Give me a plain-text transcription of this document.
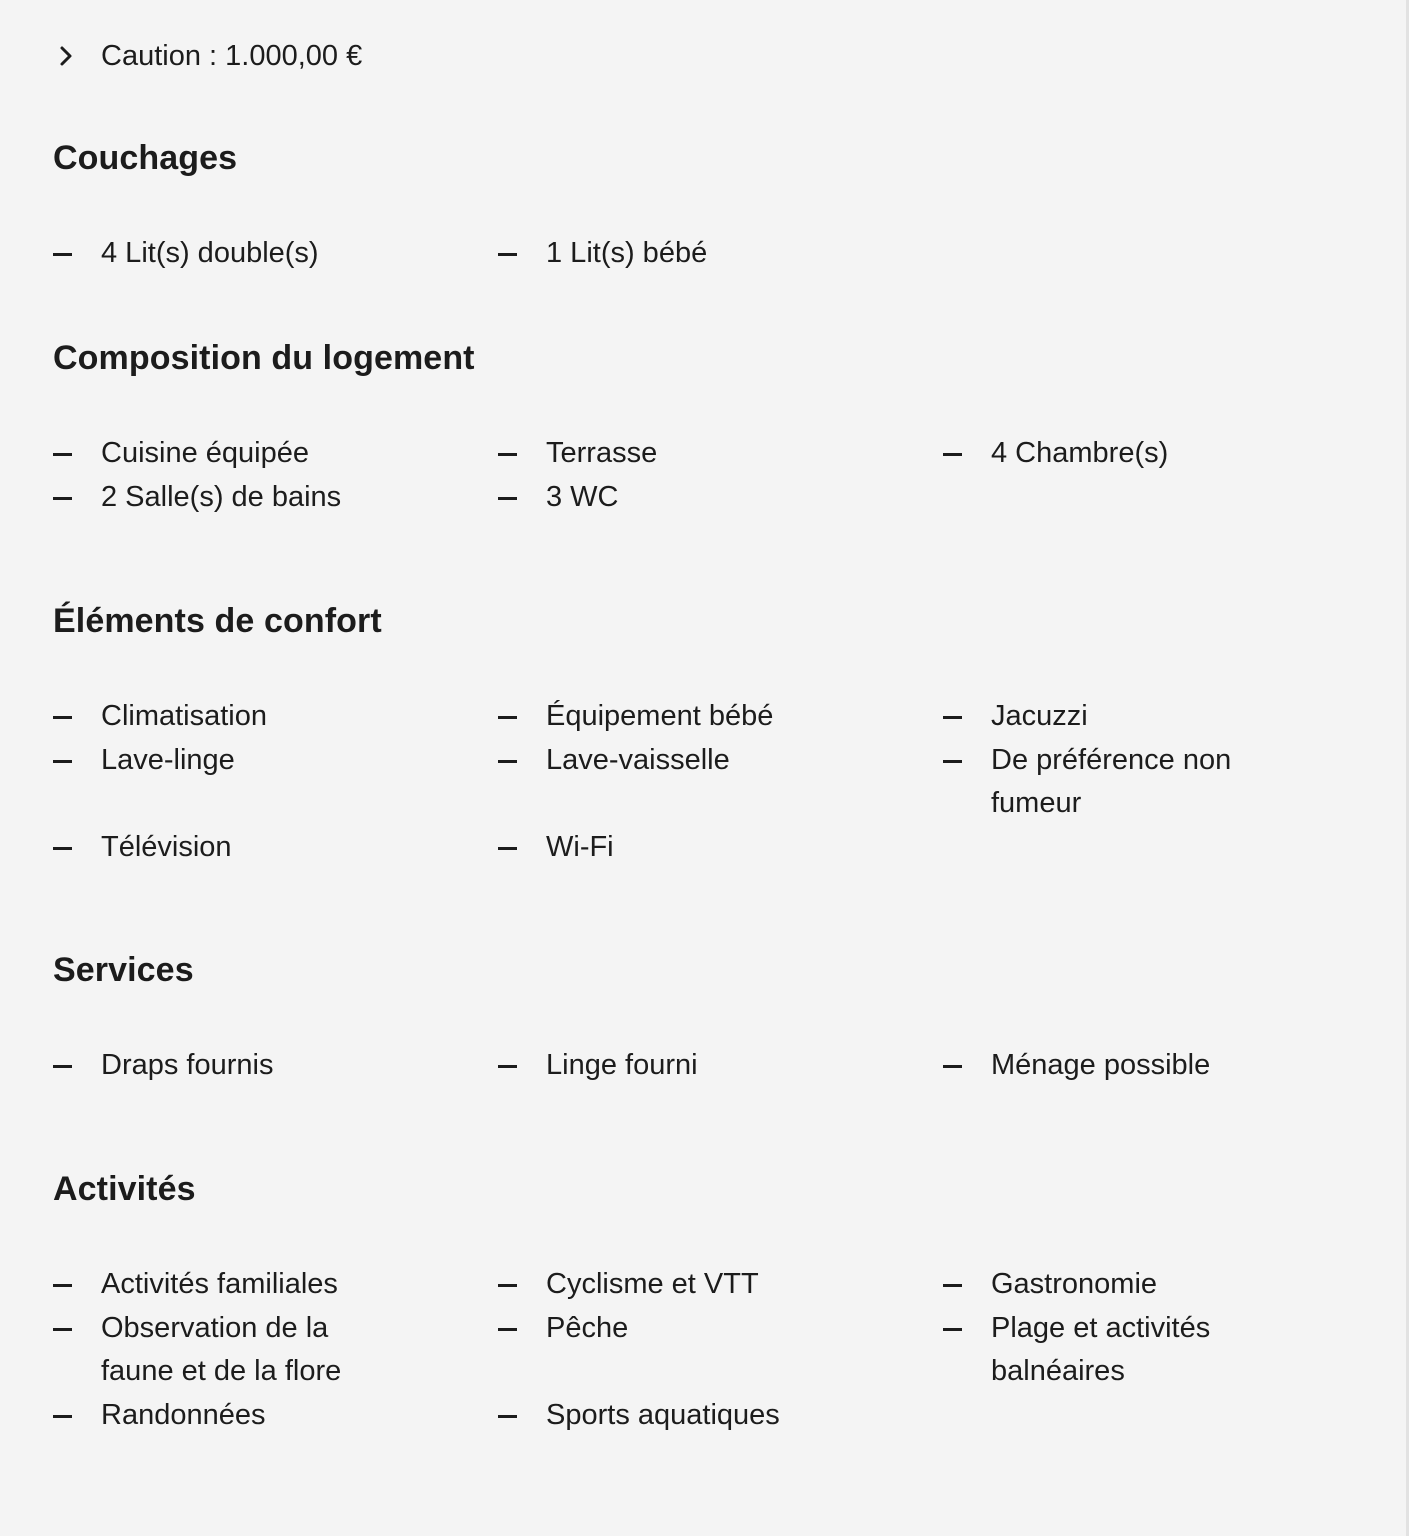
Caution : 1.000,00 €
Couchages
4 Lit(s) double(s)	1 Lit(s) bébé
Composition du logement
Cuisine équipée	Terrasse	4 Chambre(s)
2 Salle(s) de bains	3 WC
Éléments de confort
Climatisation	Équipement bébé	Jacuzzi
Lave-linge	Lave-vaisselle	De préférence non fumeur
Télévision	Wi-Fi
Services
Draps fournis	Linge fourni	Ménage possible
Activités
Activités familiales	Cyclisme et VTT	Gastronomie
Observation de la faune et de la flore
Pêche	Plage et activités balnéaires
Randonnées	Sports aquatiques
